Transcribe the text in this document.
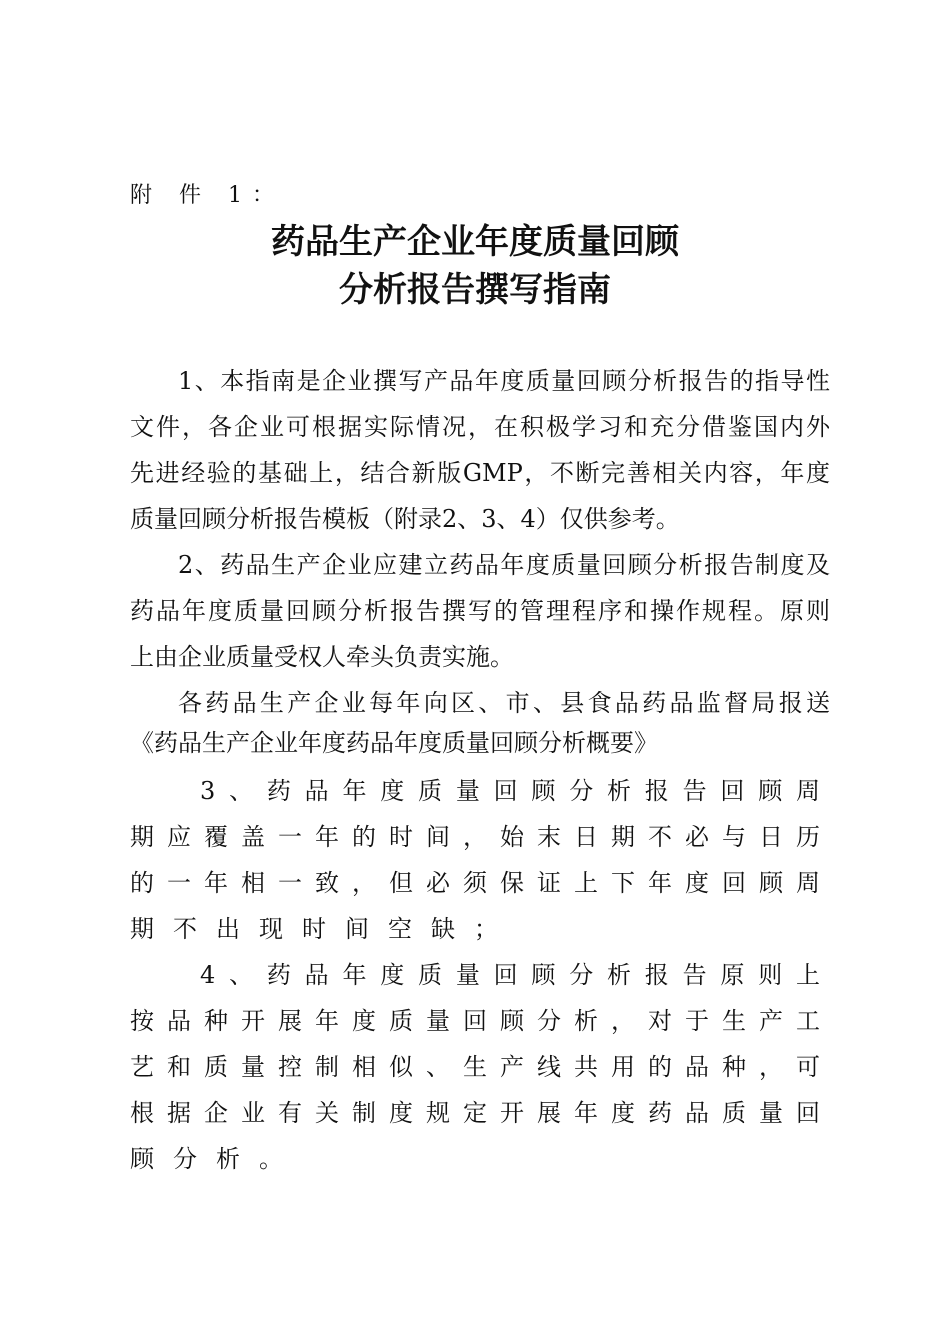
附 件 1：
药品生产企业年度质量回顾
分析报告撰写指南
1、本指南是企业撰写产品年度质量回顾分析报告的指导性
文件，各企业可根据实际情况，在积极学习和充分借鉴国内外
先进经验的基础上，结合新版GMP，不断完善相关内容，年度
质量回顾分析报告模板（附录2、3、4）仅供参考。
2、药品生产企业应建立药品年度质量回顾分析报告制度及
药品年度质量回顾分析报告撰写的管理程序和操作规程。原则
上由企业质量受权人牵头负责实施。
各药品生产企业每年向区、市、县食品药品监督局报送
《药品生产企业年度药品年度质量回顾分析概要》
3、药品年度质量回顾分析报告回顾周
期应覆盖一年的时间，始末日期不必与日历
的一年相一致，但必须保证上下年度回顾周
期不出现时间空缺；
4、药品年度质量回顾分析报告原则上
按品种开展年度质量回顾分析，对于生产工
艺和质量控制相似、生产线共用的品种，可
根据企业有关制度规定开展年度药品质量回
顾分析。
